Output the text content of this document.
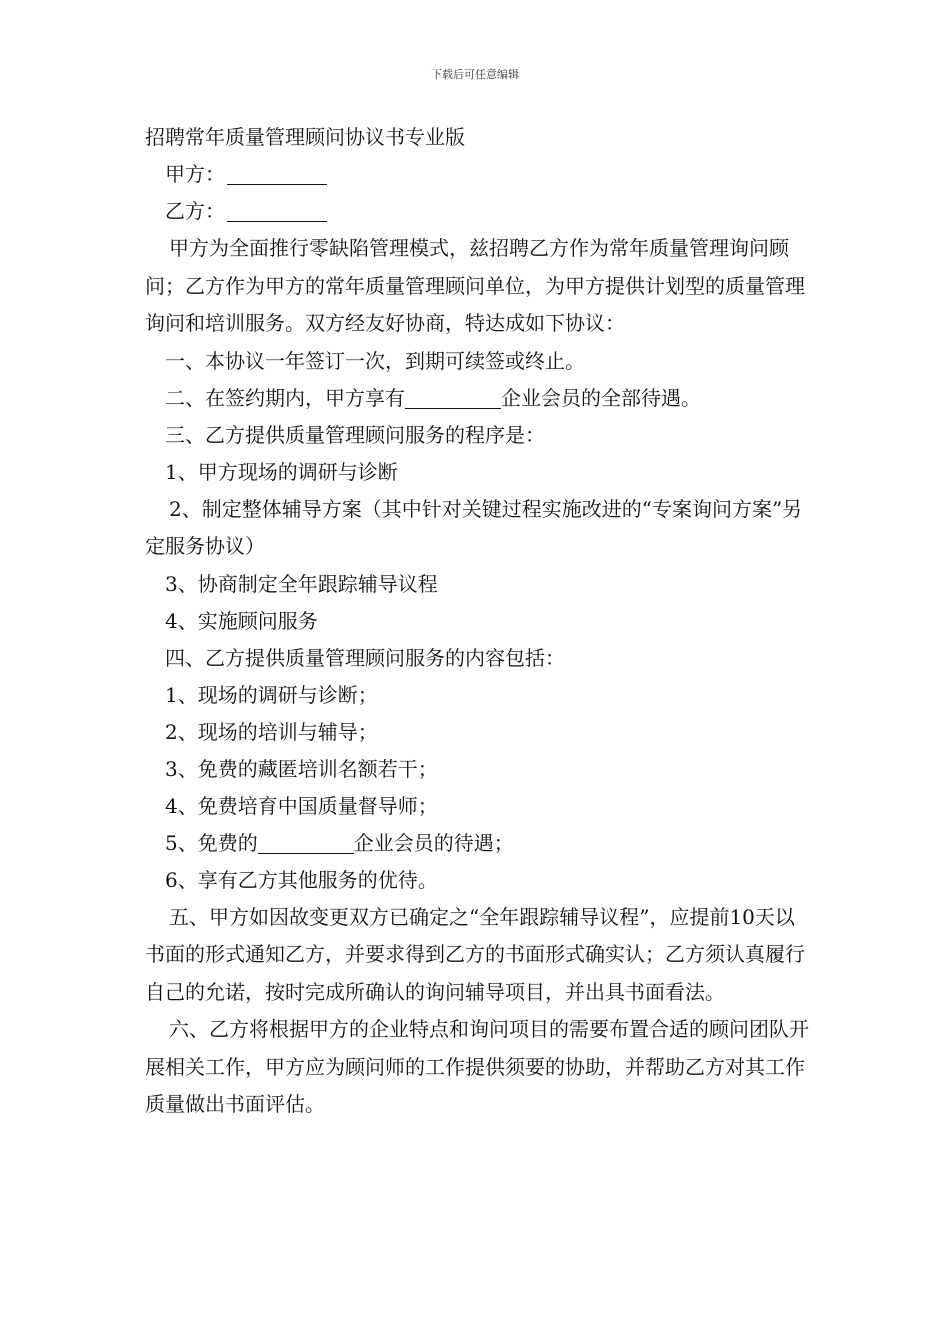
下载后可任意编辑
招聘常年质量管理顾问协议书专业版
甲方：
乙方：

甲方为全面推行零缺陷管理模式，兹招聘乙方作为常年质量管理询问顾问；乙方作为甲方的常年质量管理顾问单位，为甲方提供计划型的质量管理询问和培训服务。双方经友好协商，特达成如下协议：

一、本协议一年签订一次，到期可续签或终止。
二、在签约期内，甲方享有	企业会员的全部待遇。
三、乙方提供质量管理顾问服务的程序是：
1、甲方现场的调研与诊断

2、制定整体辅导方案（其中针对关键过程实施改进的“专案询问方案”另定服务协议）

3、协商制定全年跟踪辅导议程
4、实施顾问服务
四、乙方提供质量管理顾问服务的内容包括：
1、现场的调研与诊断；
2、现场的培训与辅导；
3、免费的藏匿培训名额若干；
4、免费培育中国质量督导师；
5、免费的	企业会员的待遇；
6、享有乙方其他服务的优待。

五、甲方如因故变更双方已确定之“全年跟踪辅导议程”，应提前10天以书面的形式通知乙方，并要求得到乙方的书面形式确实认；乙方须认真履行自己的允诺，按时完成所确认的询问辅导项目，并出具书面看法。

六、乙方将根据甲方的企业特点和询问项目的需要布置合适的顾问团队开展相关工作，甲方应为顾问师的工作提供须要的协助，并帮助乙方对其工作质量做出书面评估。
